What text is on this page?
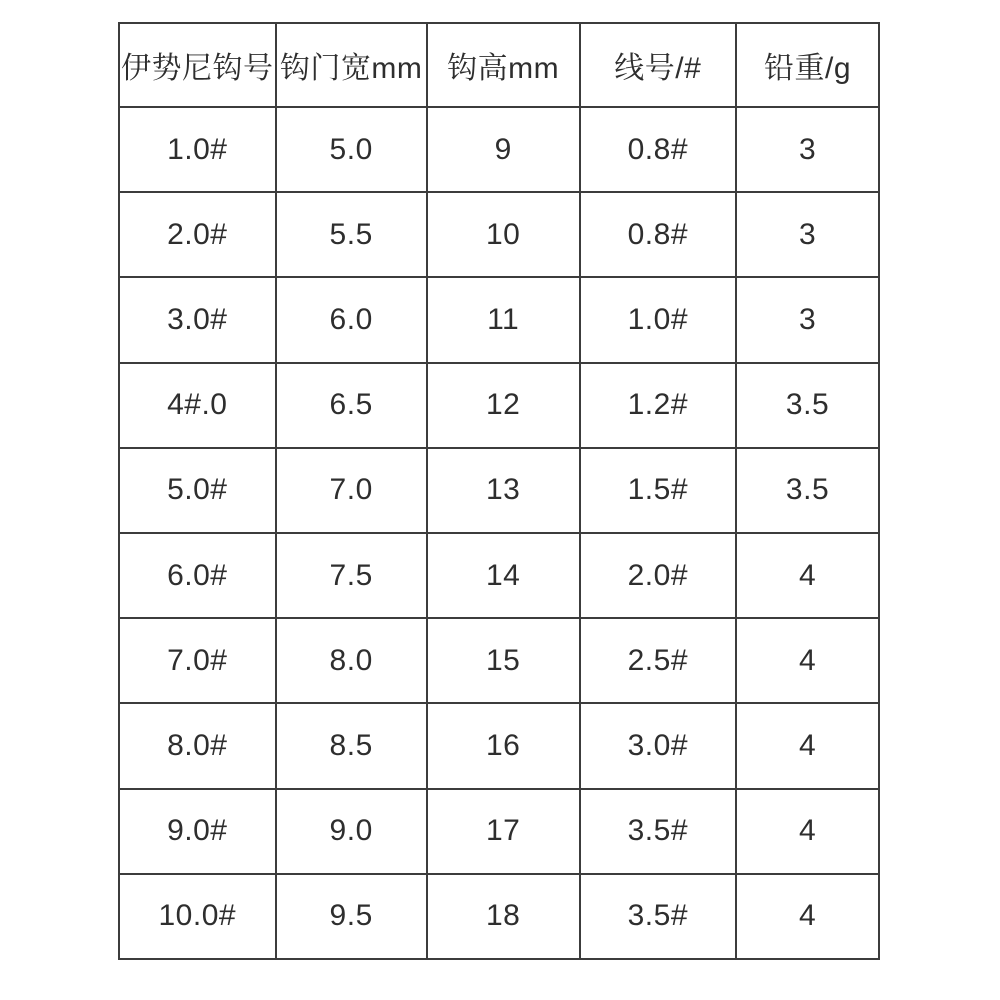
伊势尼钩号	钩门宽mm	钩高mm	线号/#	铅重/g
1.0#	5.0	9	0.8#	3
2.0#	5.5	10	0.8#	3
3.0#	6.0	11	1.0#	3
4#.0	6.5	12	1.2#	3.5
5.0#	7.0	13	1.5#	3.5
6.0#	7.5	14	2.0#	4
7.0#	8.0	15	2.5#	4
8.0#	8.5	16	3.0#	4
9.0#	9.0	17	3.5#	4
10.0#	9.5	18	3.5#	4
